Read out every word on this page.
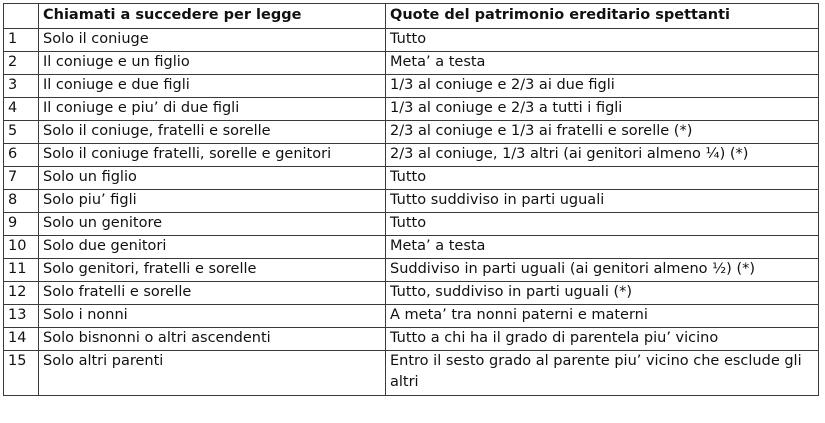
	Chiamati a succedere per legge	Quote del patrimonio ereditario spettanti
1	Solo il coniuge	Tutto
2	Il coniuge e un figlio	Meta’ a testa
3	Il coniuge e due figli	1/3 al coniuge e 2/3 ai due figli
4	Il coniuge e piu’ di due figli	1/3 al coniuge e 2/3 a tutti i figli
5	Solo il coniuge, fratelli e sorelle	2/3 al coniuge e 1/3 ai fratelli e sorelle (*)
6	Solo il coniuge fratelli, sorelle e genitori	2/3 al coniuge, 1/3 altri (ai genitori almeno ¼) (*)
7	Solo un figlio	Tutto
8	Solo piu’ figli	Tutto suddiviso in parti uguali
9	Solo un genitore	Tutto
10	Solo due genitori	Meta’ a testa
11	Solo genitori, fratelli e sorelle	Suddiviso in parti uguali (ai genitori almeno ½) (*)
12	Solo fratelli e sorelle	Tutto, suddiviso in parti uguali (*)
13	Solo i nonni	A meta’ tra nonni paterni e materni
14	Solo bisnonni o altri ascendenti	Tutto a chi ha il grado di parentela piu’ vicino
15	Solo altri parenti	Entro il sesto grado al parente piu’ vicino che esclude gli altri
